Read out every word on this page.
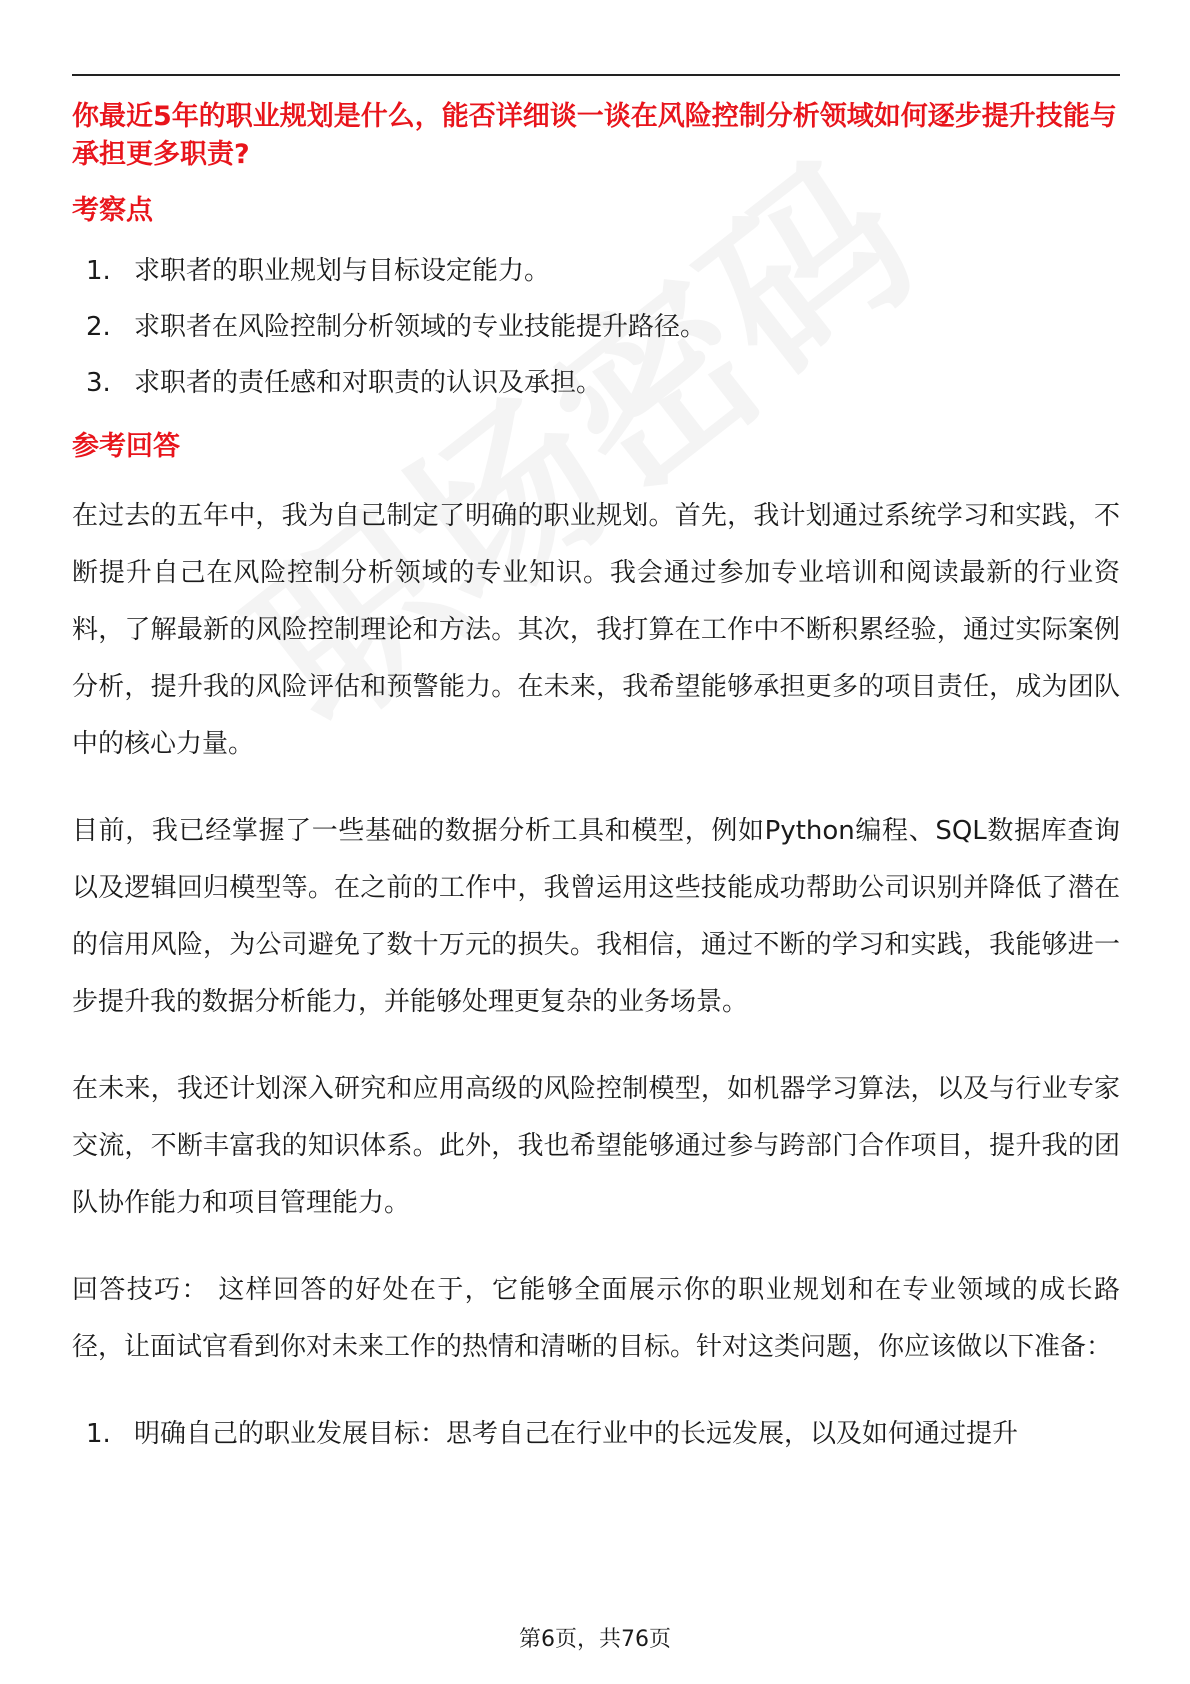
你最近5年的职业规划是什么，能否详细谈一谈在风险控制分析领域如何逐步提升技能与承担更多职责?
考察点
1. 求职者的职业规划与目标设定能力。
2. 求职者在风险控制分析领域的专业技能提升路径。
3. 求职者的责任感和对职责的认识及承担。
参考回答

在过去的五年中，我为自己制定了明确的职业规划。首先，我计划通过系统学习和实践，不断提升自己在风险控制分析领域的专业知识。我会通过参加专业培训和阅读最新的行业资料，了解最新的风险控制理论和方法。其次，我打算在工作中不断积累经验，通过实际案例分析，提升我的风险评估和预警能力。在未来，我希望能够承担更多的项目责任，成为团队中的核心力量。

目前，我已经掌握了一些基础的数据分析工具和模型，例如Python编程、SQL数据库查询以及逻辑回归模型等。在之前的工作中，我曾运用这些技能成功帮助公司识别并降低了潜在的信用风险，为公司避免了数十万元的损失。我相信，通过不断的学习和实践，我能够进一步提升我的数据分析能力，并能够处理更复杂的业务场景。

在未来，我还计划深入研究和应用高级的风险控制模型，如机器学习算法，以及与行业专家交流，不断丰富我的知识体系。此外，我也希望能够通过参与跨部门合作项目，提升我的团队协作能力和项目管理能力。

回答技巧： 这样回答的好处在于，它能够全面展示你的职业规划和在专业领域的成长路径，让面试官看到你对未来工作的热情和清晰的目标。针对这类问题，你应该做以下准备：

1. 明确自己的职业发展目标：思考自己在行业中的长远发展，以及如何通过提升
第6页，共76页
